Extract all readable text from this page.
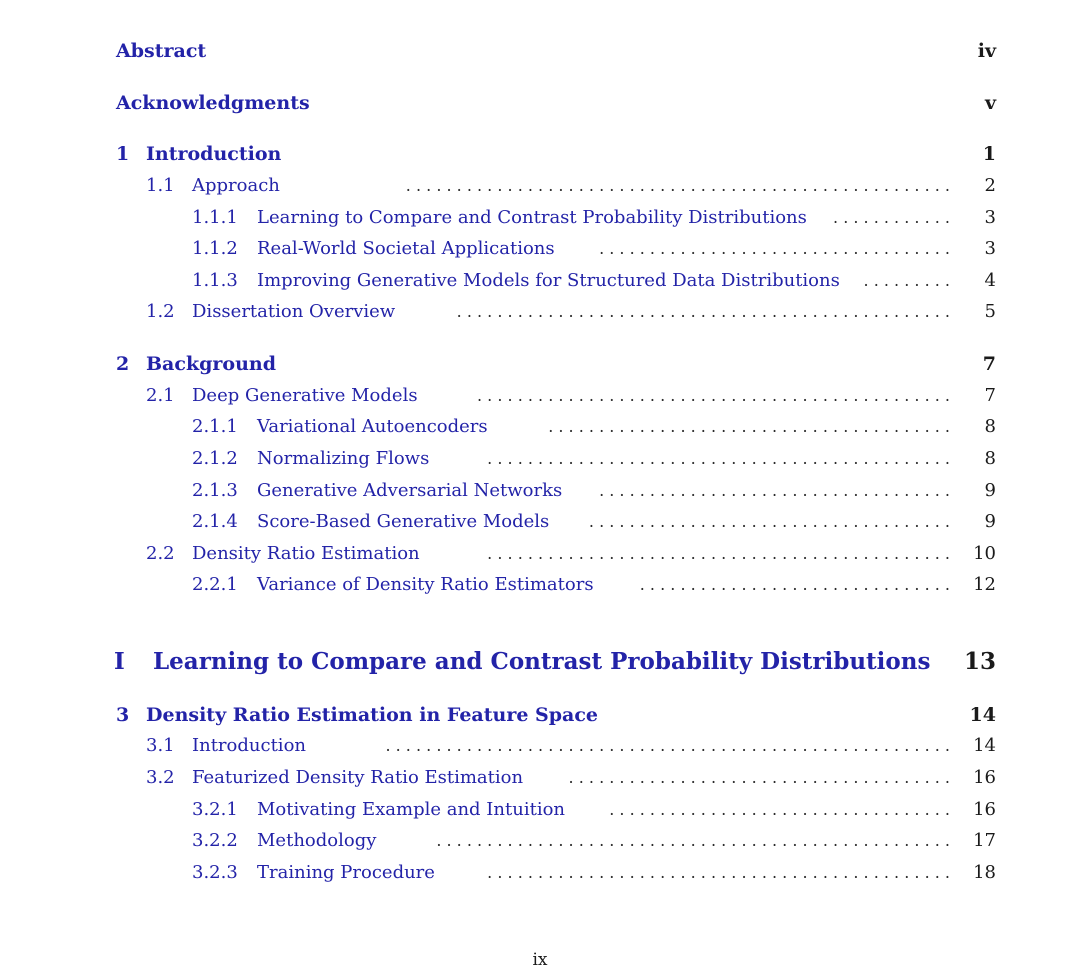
Abstract	iv
Acknowledgments	v
1 Introduction	1
1.1 Approach	. . . . . . . . . . . . . . . . . . . . . . . . . . . . . . . . . . . . . . . . . . . . . . . . . . . . . . 2
1.1.1 Learning to Compare and Contrast Probability Distributions	. . . . . . . . . . . . 3
1.1.2 Real-World Societal Applications	. . . . . . . . . . . . . . . . . . . . . . . . . . . . . . . . . . . 3
1.1.3 Improving Generative Models for Structured Data Distributions	. . . . . . . . . 4
1.2 Dissertation Overview	. . . . . . . . . . . . . . . . . . . . . . . . . . . . . . . . . . . . . . . . . . . . . . . . . 5
2 Background	7
2.1 Deep Generative Models	. . . . . . . . . . . . . . . . . . . . . . . . . . . . . . . . . . . . . . . . . . . . . . . 7
2.1.1 Variational Autoencoders	. . . . . . . . . . . . . . . . . . . . . . . . . . . . . . . . . . . . . . . . 8
2.1.2 Normalizing Flows	. . . . . . . . . . . . . . . . . . . . . . . . . . . . . . . . . . . . . . . . . . . . . . 8
2.1.3 Generative Adversarial Networks	. . . . . . . . . . . . . . . . . . . . . . . . . . . . . . . . . . . 9
2.1.4 Score-Based Generative Models	. . . . . . . . . . . . . . . . . . . . . . . . . . . . . . . . . . . . 9
2.2 Density Ratio Estimation	. . . . . . . . . . . . . . . . . . . . . . . . . . . . . . . . . . . . . . . . . . . . . . 10
2.2.1 Variance of Density Ratio Estimators	. . . . . . . . . . . . . . . . . . . . . . . . . . . . . . . 12
I Learning to Compare and Contrast Probability Distributions 13
3 Density Ratio Estimation in Feature Space	14
3.1 Introduction	. . . . . . . . . . . . . . . . . . . . . . . . . . . . . . . . . . . . . . . . . . . . . . . . . . . . . . . . 14
3.2 Featurized Density Ratio Estimation	. . . . . . . . . . . . . . . . . . . . . . . . . . . . . . . . . . . . . . 16
3.2.1 Motivating Example and Intuition	. . . . . . . . . . . . . . . . . . . . . . . . . . . . . . . . . . 16
3.2.2 Methodology	. . . . . . . . . . . . . . . . . . . . . . . . . . . . . . . . . . . . . . . . . . . . . . . . . . . 17
3.2.3 Training Procedure	. . . . . . . . . . . . . . . . . . . . . . . . . . . . . . . . . . . . . . . . . . . . . . 18
ix
